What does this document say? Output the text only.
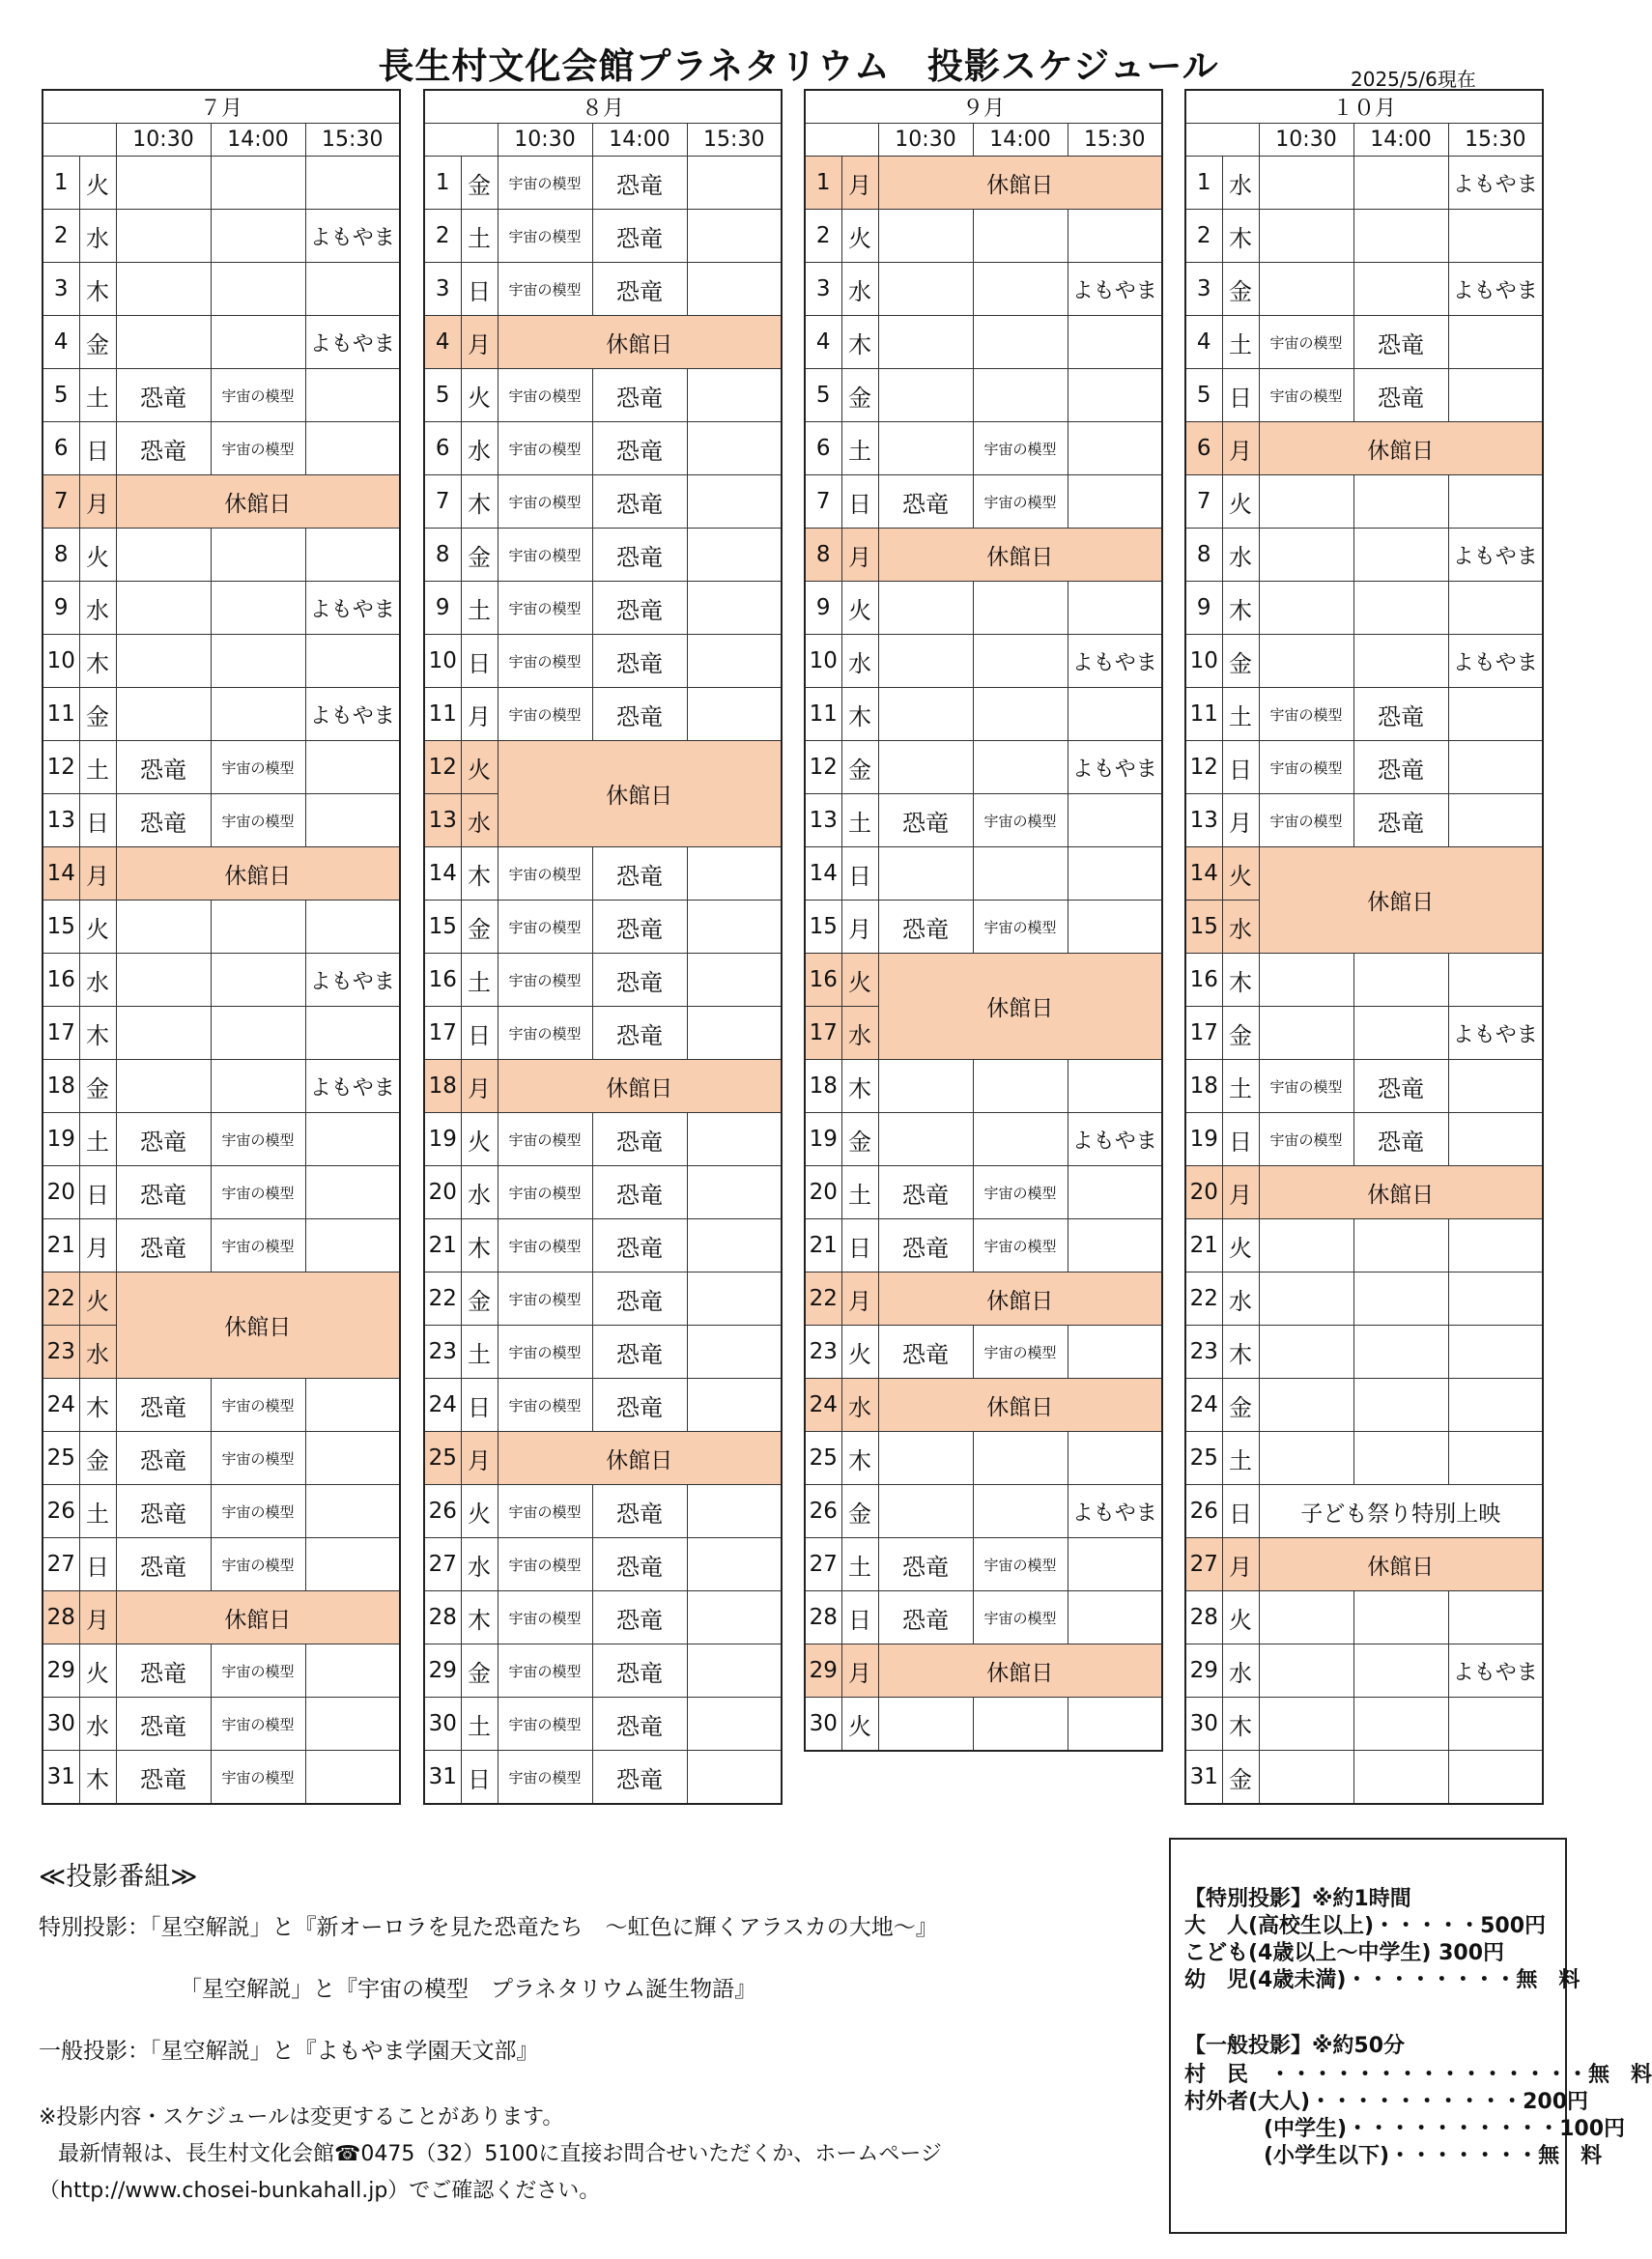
長生村文化会館プラネタリウム　投影スケジュール	2025/5/6現在
７月				
		10:30	14:00	15:30
1	火			
2	水			よもやま
3	木			
4	金			よもやま
5	土	恐竜	宇宙の模型	
6	日	恐竜	宇宙の模型	
7	月	休館日		
8	火			
9	水			よもやま
10	木			
11	金			よもやま
12	土	恐竜	宇宙の模型	
13	日	恐竜	宇宙の模型	
14	月	休館日		
15	火			
16	水			よもやま
17	木			
18	金			よもやま
19	土	恐竜	宇宙の模型	
20	日	恐竜	宇宙の模型	
21	月	恐竜	宇宙の模型	
22	火	休館日		
23	水			
24	木	恐竜	宇宙の模型	
25	金	恐竜	宇宙の模型	
26	土	恐竜	宇宙の模型	
27	日	恐竜	宇宙の模型	
28	月	休館日		
29	火	恐竜	宇宙の模型	
30	水	恐竜	宇宙の模型	
31	木	恐竜	宇宙の模型	
８月				
		10:30	14:00	15:30
1	金	宇宙の模型	恐竜	
2	土	宇宙の模型	恐竜	
3	日	宇宙の模型	恐竜	
4	月	休館日		
5	火	宇宙の模型	恐竜	
6	水	宇宙の模型	恐竜	
7	木	宇宙の模型	恐竜	
8	金	宇宙の模型	恐竜	
9	土	宇宙の模型	恐竜	
10	日	宇宙の模型	恐竜	
11	月	宇宙の模型	恐竜	
12	火	休館日		
13	水			
14	木	宇宙の模型	恐竜	
15	金	宇宙の模型	恐竜	
16	土	宇宙の模型	恐竜	
17	日	宇宙の模型	恐竜	
18	月	休館日		
19	火	宇宙の模型	恐竜	
20	水	宇宙の模型	恐竜	
21	木	宇宙の模型	恐竜	
22	金	宇宙の模型	恐竜	
23	土	宇宙の模型	恐竜	
24	日	宇宙の模型	恐竜	
25	月	休館日		
26	火	宇宙の模型	恐竜	
27	水	宇宙の模型	恐竜	
28	木	宇宙の模型	恐竜	
29	金	宇宙の模型	恐竜	
30	土	宇宙の模型	恐竜	
31	日	宇宙の模型	恐竜	
９月				
		10:30	14:00	15:30
1	月	休館日		
2	火			
3	水			よもやま
4	木			
5	金			
6	土		宇宙の模型	
7	日	恐竜	宇宙の模型	
8	月	休館日		
9	火			
10	水			よもやま
11	木			
12	金			よもやま
13	土	恐竜	宇宙の模型	
14	日			
15	月	恐竜	宇宙の模型	
16	火	休館日		
17	水			
18	木			
19	金			よもやま
20	土	恐竜	宇宙の模型	
21	日	恐竜	宇宙の模型	
22	月	休館日		
23	火	恐竜	宇宙の模型	
24	水	休館日		
25	木			
26	金			よもやま
27	土	恐竜	宇宙の模型	
28	日	恐竜	宇宙の模型	
29	月	休館日		
30	火			
１０月				
		10:30	14:00	15:30
1	水			よもやま
2	木			
3	金			よもやま
4	土	宇宙の模型	恐竜	
5	日	宇宙の模型	恐竜	
6	月	休館日		
7	火			
8	水			よもやま
9	木			
10	金			よもやま
11	土	宇宙の模型	恐竜	
12	日	宇宙の模型	恐竜	
13	月	宇宙の模型	恐竜	
14	火	休館日		
15	水			
16	木			
17	金			よもやま
18	土	宇宙の模型	恐竜	
19	日	宇宙の模型	恐竜	
20	月	休館日		
21	火			
22	水			
23	木			
24	金			
25	土			
26	日	子ども祭り特別上映		
27	月	休館日		
28	火			
29	水			よもやま
30	木			
31	金			
≪投影番組≫
特別投影：「星空解説」と『新オーロラを見た恐竜たち　～虹色に輝くアラスカの大地～』
「星空解説」と『宇宙の模型　プラネタリウム誕生物語』
一般投影：「星空解説」と『よもやま学園天文部』
※投影内容・スケジュールは変更することがあります。
最新情報は、長生村文化会館☎0475（32）5100に直接お問合せいただくか、ホームページ
（http://www.chosei-bunkahall.jp）でご確認ください。
【特別投影】※約1時間
大　人(高校生以上)・・・・・500円
こども(4歳以上～中学生) 300円
幼　児(4歳未満)・・・・・・・・無　料
【一般投影】※約50分
村　民　・・・・・・・・・・・・・・・無　料
村外者(大人)・・・・・・・・・・200円
(中学生)・・・・・・・・・・100円
(小学生以下)・・・・・・・無　料
